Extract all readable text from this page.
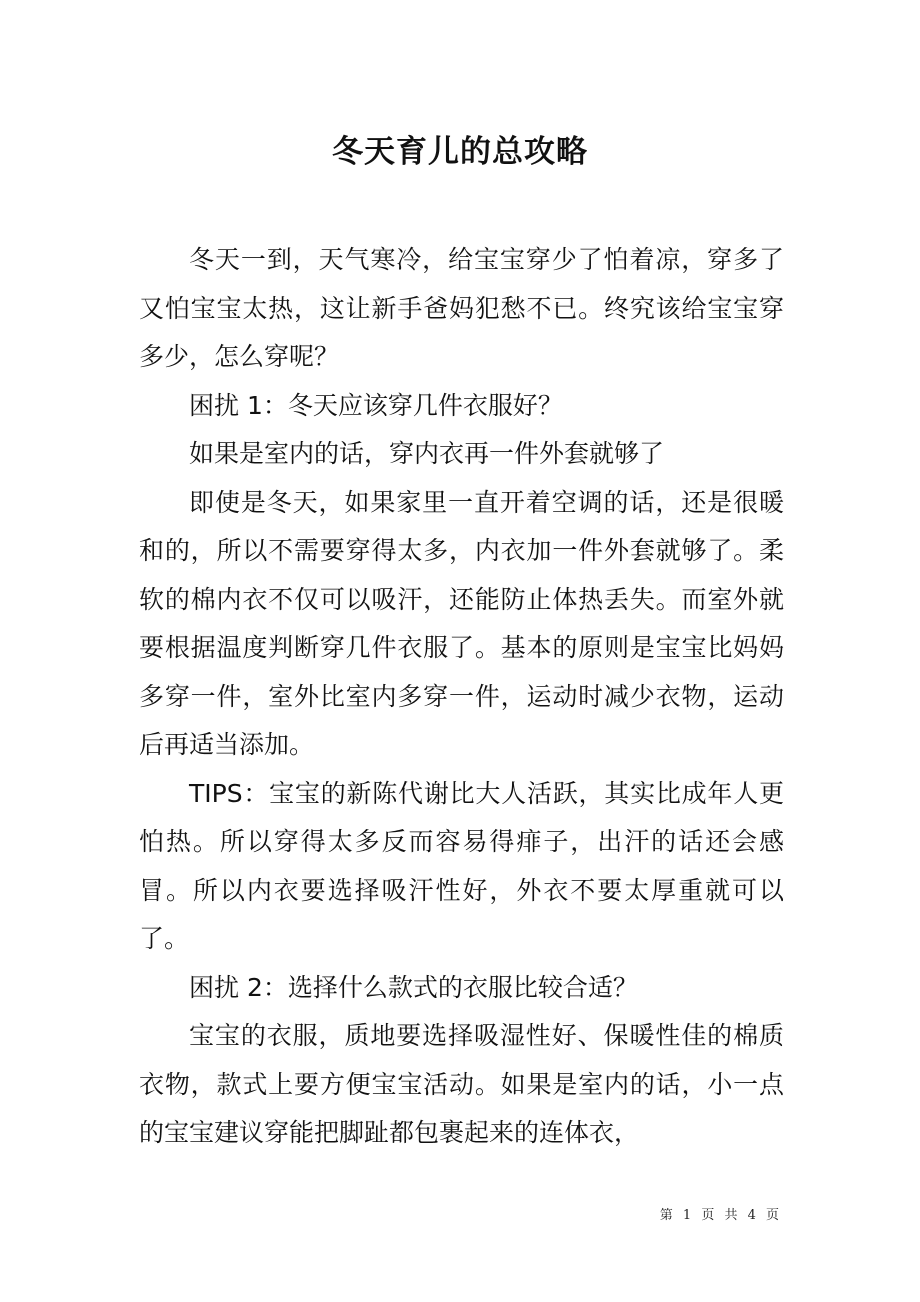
冬天育儿的总攻略

冬天一到，天气寒冷，给宝宝穿少了怕着凉，穿多了又怕宝宝太热，这让新手爸妈犯愁不已。终究该给宝宝穿多少，怎么穿呢？

困扰 1：冬天应该穿几件衣服好？

如果是室内的话，穿内衣再一件外套就够了

即使是冬天，如果家里一直开着空调的话，还是很暖和的，所以不需要穿得太多，内衣加一件外套就够了。柔软的棉内衣不仅可以吸汗，还能防止体热丢失。而室外就要根据温度判断穿几件衣服了。基本的原则是宝宝比妈妈多穿一件，室外比室内多穿一件，运动时减少衣物，运动后再适当添加。

TIPS：宝宝的新陈代谢比大人活跃，其实比成年人更怕热。所以穿得太多反而容易得痱子，出汗的话还会感冒。所以内衣要选择吸汗性好，外衣不要太厚重就可以了。

困扰 2：选择什么款式的衣服比较合适？

宝宝的衣服，质地要选择吸湿性好、保暖性佳的棉质衣物，款式上要方便宝宝活动。如果是室内的话，小一点的宝宝建议穿能把脚趾都包裹起来的连体衣，

第 1 页 共 4 页
